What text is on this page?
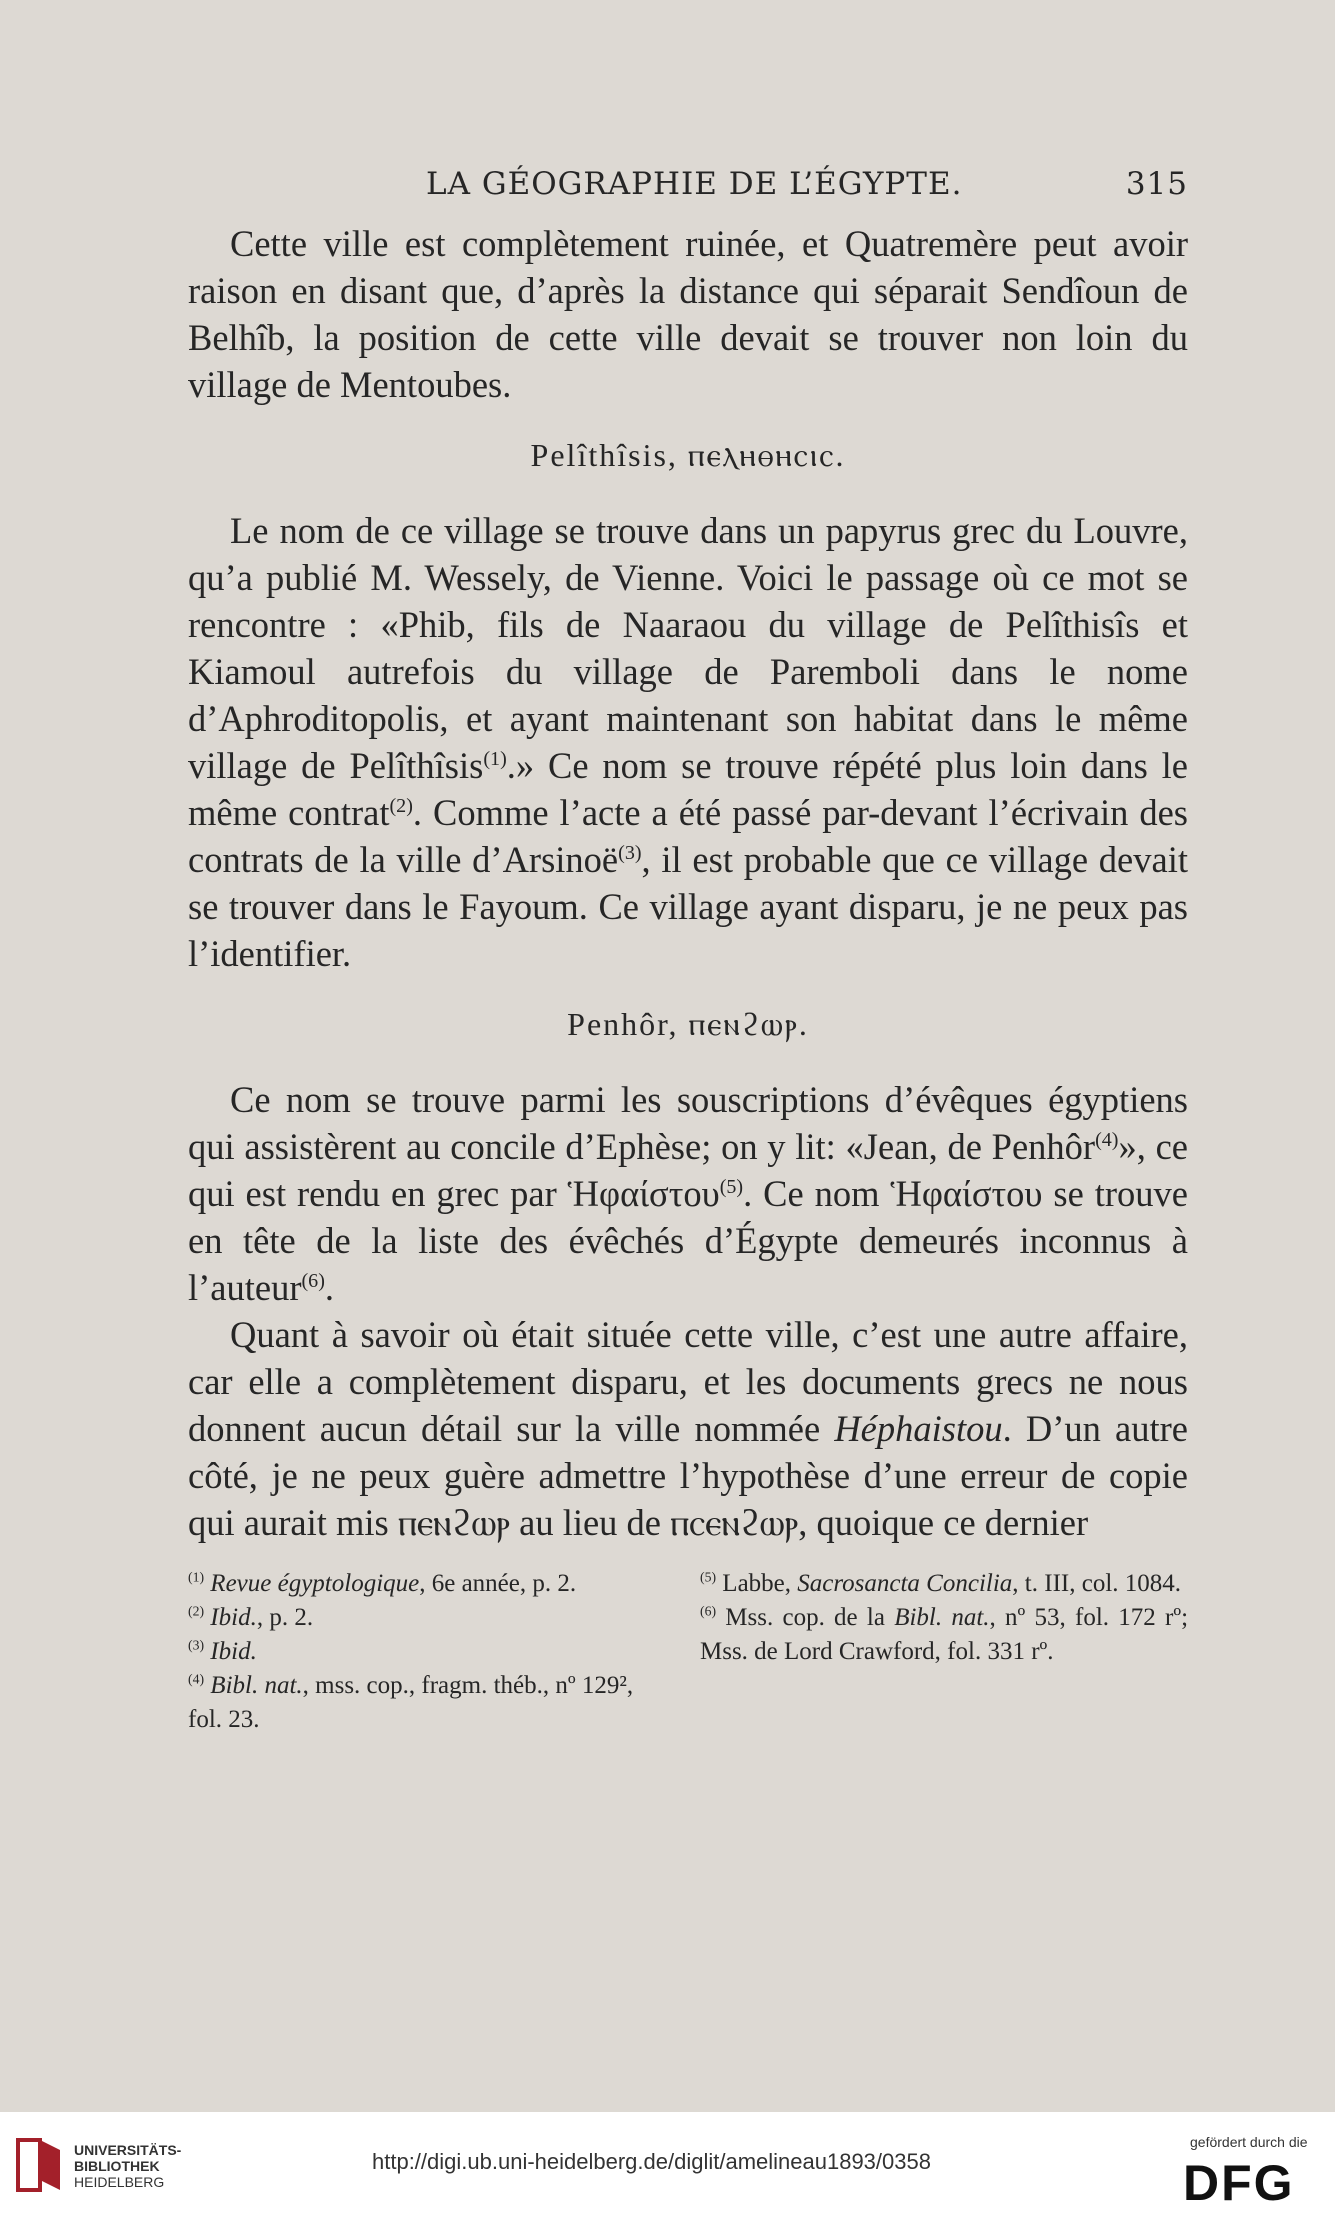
LA GÉOGRAPHIE DE L’ÉGYPTE.	315

Cette ville est complètement ruinée, et Quatremère peut avoir raison en disant que, d’après la distance qui séparait Sendîoun de Belhîb, la position de cette ville devait se trouver non loin du village de Mentoubes.

Pelîthîsis, ⲡⲉⲗⲏⲑⲏⲥⲓⲥ.

Le nom de ce village se trouve dans un papyrus grec du Louvre, qu’a publié M. Wessely, de Vienne. Voici le passage où ce mot se rencontre : «Phib, fils de Naaraou du village de Pelîthisîs et Kiamoul autrefois du village de Paremboli dans le nome d’Aphroditopolis, et ayant maintenant son habitat dans le même village de Pelîthîsis$^{(1)}$.» Ce nom se trouve répété plus loin dans le même contrat$^{(2)}$. Comme l’acte a été passé par-devant l’écrivain des contrats de la ville d’Arsinoë$^{(3)}$, il est probable que ce village devait se trouver dans le Fayoum. Ce village ayant disparu, je ne peux pas l’identifier.

Penhôr, ⲡⲉⲛϩⲱⲣ.

Ce nom se trouve parmi les souscriptions d’évêques égyptiens qui assistèrent au concile d’Ephèse; on y lit: «Jean, de Penhôr$^{(4)}$», ce qui est rendu en grec par Ἡφαίστου$^{(5)}$. Ce nom Ἡφαίστου se trouve en tête de la liste des évêchés d’Égypte demeurés inconnus à l’auteur$^{(6)}$.

Quant à savoir où était située cette ville, c’est une autre affaire, car elle a complètement disparu, et les documents grecs ne nous donnent aucun détail sur la ville nommée Héphaistou. D’un autre côté, je ne peux guère admettre l’hypothèse d’une erreur de copie qui aurait mis ⲡⲉⲛϩⲱⲣ au lieu de ⲡⲥⲉⲛϩⲱⲣ, quoique ce dernier

$^{(1)}$ Revue égyptologique, 6e année, p. 2.

$^{(2)}$ Ibid., p. 2.

$^{(3)}$ Ibid.

$^{(4)}$ Bibl. nat., mss. cop., fragm. théb., nº 129², fol. 23.

$^{(5)}$ Labbe, Sacrosancta Concilia, t. III, col. 1084.

$^{(6)}$ Mss. cop. de la Bibl. nat., nº 53, fol. 172 rº; Mss. de Lord Crawford, fol. 331 rº.

UNIVERSITÄTS-
BIBLIOTHEK
HEIDELBERG
http://digi.ub.uni-heidelberg.de/diglit/amelineau1893/0358
gefördert durch die
DFG
